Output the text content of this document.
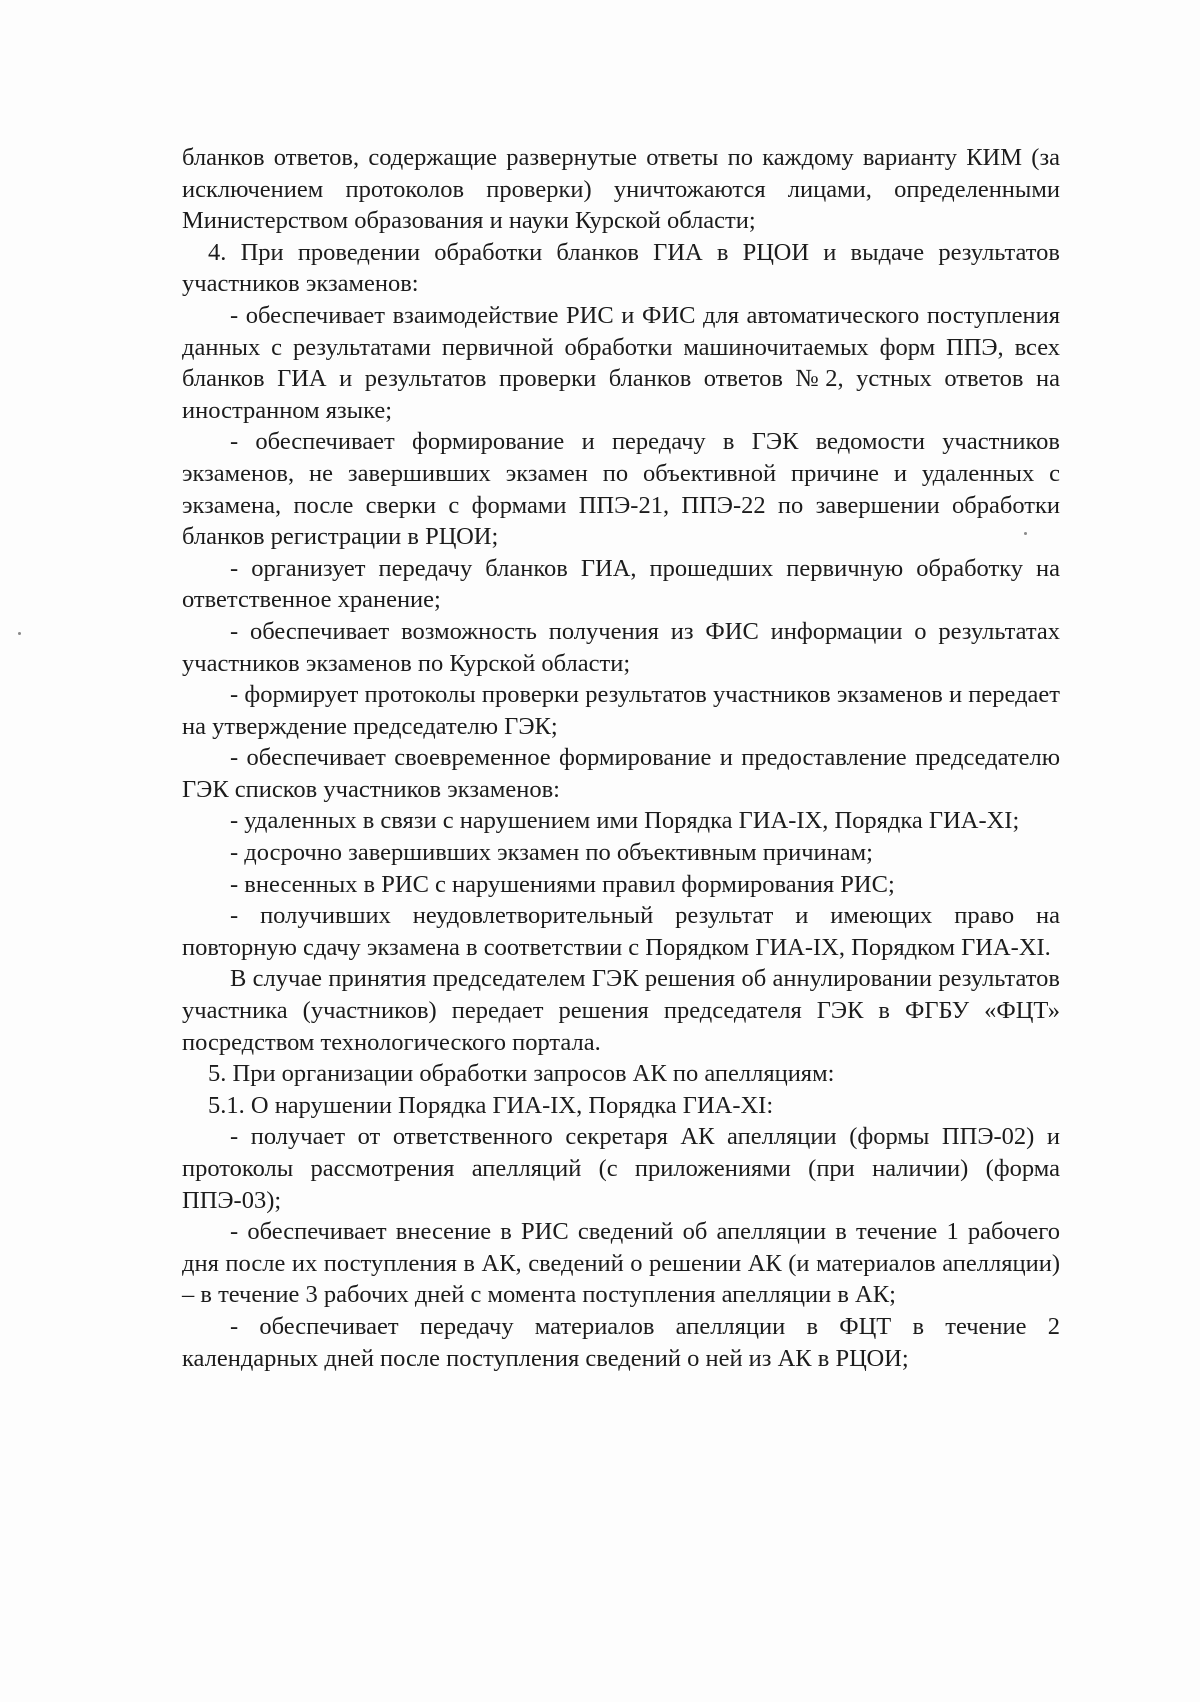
бланков ответов, содержащие развернутые ответы по каждому варианту КИМ (за исключением протоколов проверки) уничтожаются лицами, определенными Министерством образования и науки Курской области;

4. При проведении обработки бланков ГИА в РЦОИ и выдаче результатов участников экзаменов:

- обеспечивает взаимодействие РИС и ФИС для автоматического поступления данных с результатами первичной обработки машиночитаемых форм ППЭ, всех бланков ГИА и результатов проверки бланков ответов №2, устных ответов на иностранном языке;

- обеспечивает формирование и передачу в ГЭК ведомости участников экзаменов, не завершивших экзамен по объективной причине и удаленных с экзамена, после сверки с формами ППЭ-21, ППЭ-22 по завершении обработки бланков регистрации в РЦОИ;

- организует передачу бланков ГИА, прошедших первичную обработку на ответственное хранение;

- обеспечивает возможность получения из ФИС информации о результатах участников экзаменов по Курской области;

- формирует протоколы проверки результатов участников экзаменов и передает на утверждение председателю ГЭК;

- обеспечивает своевременное формирование и предоставление председателю ГЭК списков участников экзаменов:

- удаленных в связи с нарушением ими Порядка ГИА-IX, Порядка ГИА-XI;

- досрочно завершивших экзамен по объективным причинам;

- внесенных в РИС с нарушениями правил формирования РИС;

- получивших неудовлетворительный результат и имеющих право на повторную сдачу экзамена в соответствии с Порядком ГИА-IX, Порядком ГИА-XI.

В случае принятия председателем ГЭК решения об аннулировании результатов участника (участников) передает решения председателя ГЭК в ФГБУ «ФЦТ» посредством технологического портала.

5. При организации обработки запросов АК по апелляциям:

5.1. О нарушении Порядка ГИА-IX, Порядка ГИА-XI:

- получает от ответственного секретаря АК апелляции (формы ППЭ-02) и протоколы рассмотрения апелляций (с приложениями (при наличии) (форма ППЭ-03);

- обеспечивает внесение в РИС сведений об апелляции в течение 1 рабочего дня после их поступления в АК, сведений о решении АК (и материалов апелляции) – в течение 3 рабочих дней с момента поступления апелляции в АК;

- обеспечивает передачу материалов апелляции в ФЦТ в течение 2 календарных дней после поступления сведений о ней из АК в РЦОИ;
